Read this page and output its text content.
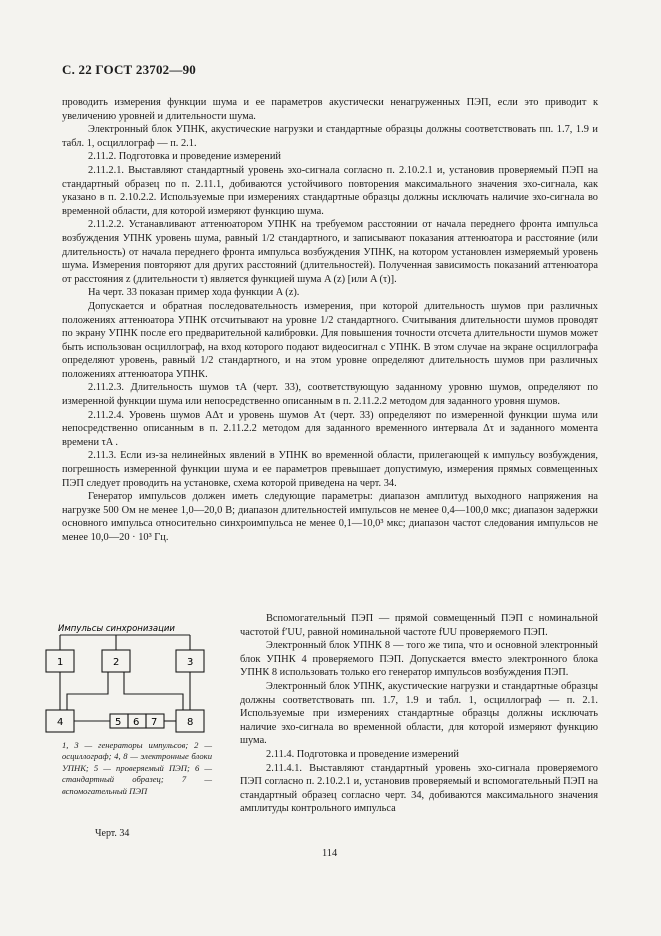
С. 22 ГОСТ 23702—90

проводить измерения функции шума и ее параметров акустически ненагруженных ПЭП, если это приводит к увеличению уровней и длительности шума.

Электронный блок УПНК, акустические нагрузки и стандартные образцы должны соответствовать пп. 1.7, 1.9 и табл. 1, осциллограф — п. 2.1.

2.11.2. Подготовка и проведение измерений

2.11.2.1. Выставляют стандартный уровень эхо-сигнала согласно п. 2.10.2.1 и, установив проверяемый ПЭП на стандартный образец по п. 2.11.1, добиваются устойчивого повторения максимального значения эхо-сигнала, как указано в п. 2.10.2.2. Используемые при измерениях стандартные образцы должны исключать наличие эхо-сигнала во временной области, для которой измеряют функцию шума.

2.11.2.2. Устанавливают аттенюатором УПНК на требуемом расстоянии от начала переднего фронта импульса возбуждения УПНК уровень шума, равный 1/2 стандартного, и записывают показания аттенюатора и расстояние (или длительность) от начала переднего фронта импульса возбуждения УПНК, на котором установлен измеряемый уровень шума. Измерения повторяют для других расстояний (длительностей). Полученная зависимость показаний аттенюатора от расстояния z (длительности τ) является функцией шума A (z) [или A (τ)].

На черт. 33 показан пример хода функции A (z).

Допускается и обратная последовательность измерения, при которой длительность шумов при различных положениях аттенюатора УПНК отсчитывают на уровне 1/2 стандартного. Считывания длительности шумов проводят по экрану УПНК после его предварительной калибровки. Для повышения точности отсчета длительности шумов может быть использован осциллограф, на вход которого подают видеосигнал с УПНК. В этом случае на экране осциллографа определяют уровень, равный 1/2 стандартного, и на этом уровне определяют длительность шумов при различных положениях аттенюатора УПНК.

2.11.2.3. Длительность шумов τA (черт. 33), соответствующую заданному уровню шумов, определяют по измеренной функции шума или непосредственно описанным в п. 2.11.2.2 методом для заданного уровня шумов.

2.11.2.4. Уровень шумов AΔτ и уровень шумов Aτ (черт. 33) определяют по измеренной функции шума или непосредственно описанным в п. 2.11.2.2 методом для заданного временного интервала Δτ и заданного момента времени τA .

2.11.3. Если из-за нелинейных явлений в УПНК во временной области, прилегающей к импульсу возбуждения, погрешность измеренной функции шума и ее параметров превышает допустимую, измерения прямых совмещенных ПЭП следует проводить на установке, схема которой приведена на черт. 34.

Генератор импульсов должен иметь следующие параметры: диапазон амплитуд выходного напряжения на нагрузке 500 Ом не менее 1,0—20,0 В; диапазон длительностей импульсов не менее 0,4—100,0 мкс; диапазон задержки основного импульса относительно синхроимпульса не менее 0,1—10,0³ мкс; диапазон частот следования импульсов не менее 10,0—20 · 10³ Гц.

Импульсы синхронизации
1	2	3
4	5 6 7	8
1, 3 — генераторы импульсов; 2 — осциллограф; 4, 8 — электронные блоки УПНК; 5 — проверяемый ПЭП; 6 — стандартный образец; 7 — вспомогательный ПЭП
Черт. 34

Вспомогательный ПЭП — прямой совмещенный ПЭП с номинальной частотой f′UU, равной номинальной частоте fUU проверяемого ПЭП.

Электронный блок УПНК 8 — того же типа, что и основной электронный блок УПНК 4 проверяемого ПЭП. Допускается вместо электронного блока УПНК 8 использовать только его генератор импульсов возбуждения ПЭП.

Электронный блок УПНК, акустические нагрузки и стандартные образцы должны соответствовать пп. 1.7, 1.9 и табл. 1, осциллограф — п. 2.1. Используемые при измерениях стандартные образцы должны исключать наличие эхо-сигнала во временной области, для которой измеряют функцию шума.

2.11.4. Подготовка и проведение измерений

2.11.4.1. Выставляют стандартный уровень эхо-сигнала проверяемого ПЭП согласно п. 2.10.2.1 и, установив проверяемый и вспомогательный ПЭП на стандартный образец согласно черт. 34, добиваются максимального значения амплитуды контрольного импульса

114
